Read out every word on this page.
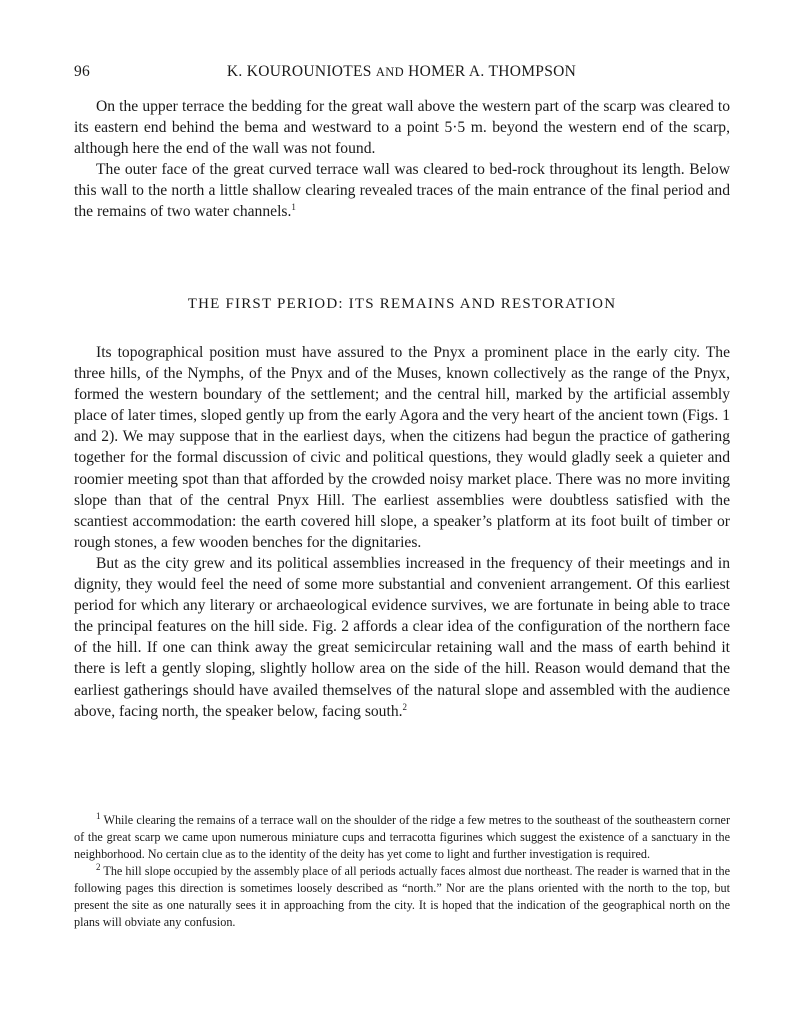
96	K. KOUROUNIOTES AND HOMER A. THOMPSON

On the upper terrace the bedding for the great wall above the western part of the scarp was cleared to its eastern end behind the bema and westward to a point 5·5 m. beyond the western end of the scarp, although here the end of the wall was not found.

The outer face of the great curved terrace wall was cleared to bed-rock throughout its length. Below this wall to the north a little shallow clearing revealed traces of the main entrance of the final period and the remains of two water channels.$^1$

THE FIRST PERIOD: ITS REMAINS AND RESTORATION

Its topographical position must have assured to the Pnyx a prominent place in the early city. The three hills, of the Nymphs, of the Pnyx and of the Muses, known collectively as the range of the Pnyx, formed the western boundary of the settlement; and the central hill, marked by the artificial assembly place of later times, sloped gently up from the early Agora and the very heart of the ancient town (Figs. 1 and 2). We may suppose that in the earliest days, when the citizens had begun the practice of gathering together for the formal discussion of civic and political questions, they would gladly seek a quieter and roomier meeting spot than that afforded by the crowded noisy market place. There was no more inviting slope than that of the central Pnyx Hill. The earliest assemblies were doubtless satisfied with the scantiest accommodation: the earth covered hill slope, a speaker’s platform at its foot built of timber or rough stones, a few wooden benches for the dignitaries.

But as the city grew and its political assemblies increased in the frequency of their meetings and in dignity, they would feel the need of some more substantial and convenient arrangement. Of this earliest period for which any literary or archaeological evidence survives, we are fortunate in being able to trace the principal features on the hill side. Fig. 2 affords a clear idea of the configuration of the northern face of the hill. If one can think away the great semicircular retaining wall and the mass of earth behind it there is left a gently sloping, slightly hollow area on the side of the hill. Reason would demand that the earliest gatherings should have availed themselves of the natural slope and assembled with the audience above, facing north, the speaker below, facing south.$^2$

$^1$ While clearing the remains of a terrace wall on the shoulder of the ridge a few metres to the southeast of the southeastern corner of the great scarp we came upon numerous miniature cups and terracotta figurines which suggest the existence of a sanctuary in the neighborhood. No certain clue as to the identity of the deity has yet come to light and further investigation is required.

$^2$ The hill slope occupied by the assembly place of all periods actually faces almost due northeast. The reader is warned that in the following pages this direction is sometimes loosely described as “north.” Nor are the plans oriented with the north to the top, but present the site as one naturally sees it in approaching from the city. It is hoped that the indication of the geographical north on the plans will obviate any confusion.
